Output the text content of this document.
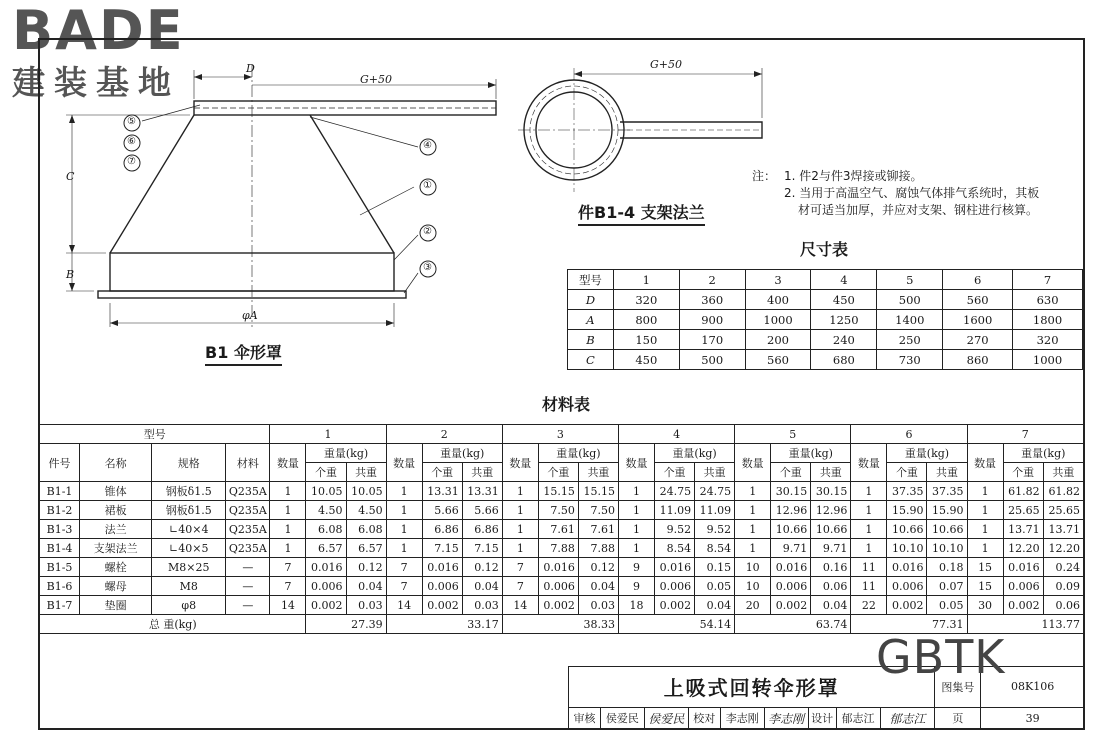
BADE
建装基地	D
G+50
C
B
φA
⑤
⑥
⑦
④
①
②
③
B1 伞形罩
G+50
件B1-4 支架法兰
注： 1. 件2与件3焊接或铆接。
2. 当用于高温空气、腐蚀气体排气系统时，其板
材可适当加厚，并应对支架、钢柱进行核算。
尺寸表
型号	1	2	3	4	5	6	7
D	320	360	400	450	500	560	630
A	800	900	1000	1250	1400	1600	1800
B	150	170	200	240	250	270	320
C	450	500	560	680	730	860	1000
材料表
型号				1			2			3			4			5			6			7		
件号	名称	规格	材料	数量	重量(kg)		数量	重量(kg)		数量	重量(kg)		数量	重量(kg)		数量	重量(kg)		数量	重量(kg)		数量	重量(kg)	
					个重	共重		个重	共重		个重	共重		个重	共重		个重	共重		个重	共重		个重	共重
B1-1	锥体	钢板δ1.5	Q235A	1	10.05	10.05	1	13.31	13.31	1	15.15	15.15	1	24.75	24.75	1	30.15	30.15	1	37.35	37.35	1	61.82	61.82
B1-2	裙板	钢板δ1.5	Q235A	1	4.50	4.50	1	5.66	5.66	1	7.50	7.50	1	11.09	11.09	1	12.96	12.96	1	15.90	15.90	1	25.65	25.65
B1-3	法兰	∟40×4	Q235A	1	6.08	6.08	1	6.86	6.86	1	7.61	7.61	1	9.52	9.52	1	10.66	10.66	1	10.66	10.66	1	13.71	13.71
B1-4	支架法兰	∟40×5	Q235A	1	6.57	6.57	1	7.15	7.15	1	7.88	7.88	1	8.54	8.54	1	9.71	9.71	1	10.10	10.10	1	12.20	12.20
B1-5	螺栓	M8×25	—	7	0.016	0.12	7	0.016	0.12	7	0.016	0.12	9	0.016	0.15	10	0.016	0.16	11	0.016	0.18	15	0.016	0.24
B1-6	螺母	M8	—	7	0.006	0.04	7	0.006	0.04	7	0.006	0.04	9	0.006	0.05	10	0.006	0.06	11	0.006	0.07	15	0.006	0.09
B1-7	垫圈	φ8	—	14	0.002	0.03	14	0.002	0.03	14	0.002	0.03	18	0.002	0.04	20	0.002	0.04	22	0.002	0.05	30	0.002	0.06
总 重(kg)					27.39		33.17			38.33			54.14			63.74			77.31			113.77		
上吸式回转伞形罩									图集号	08K106
审核	侯爱民	侯爱民	校对	李志刚	李志刚	设计	郁志江	郁志江	页	39
GBTK
